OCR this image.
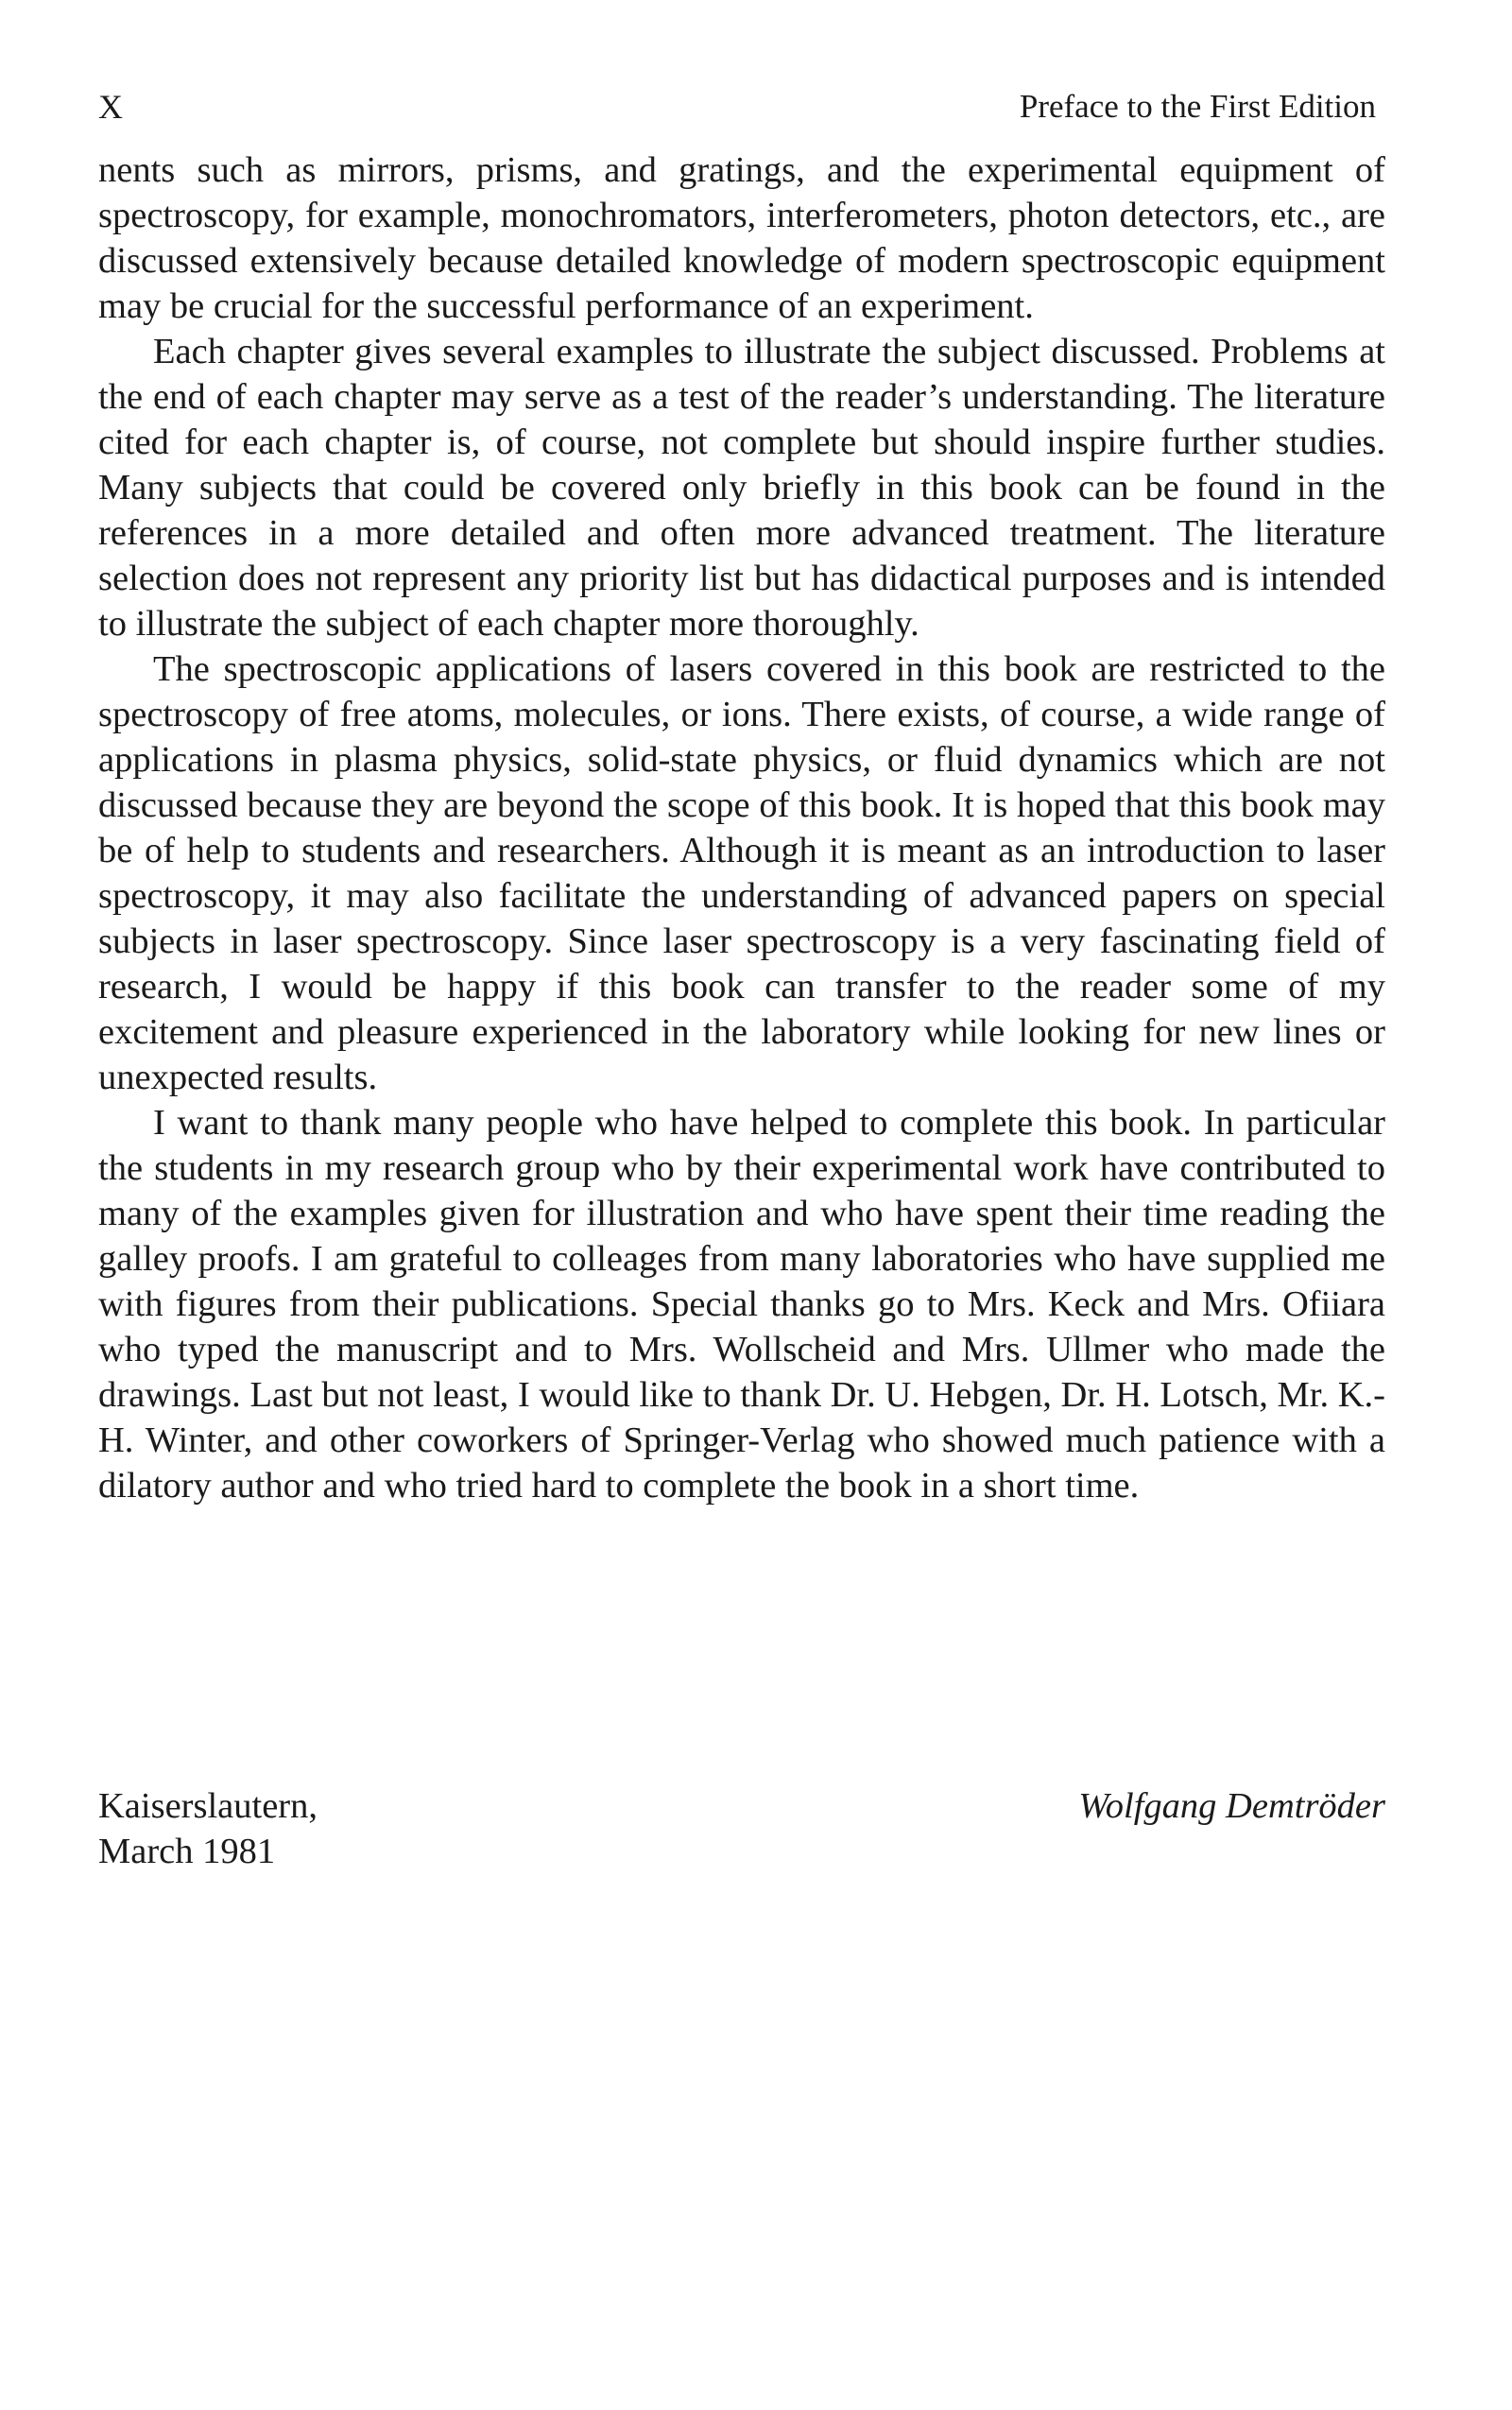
X	Preface to the First Edition

nents such as mirrors, prisms, and gratings, and the experimental equipment of spectroscopy, for example, monochromators, interferometers, photon detectors, etc., are discussed extensively because detailed knowledge of modern spectroscopic equipment may be crucial for the successful performance of an experiment.

Each chapter gives several examples to illustrate the subject discussed. Problems at the end of each chapter may serve as a test of the reader’s understanding. The literature cited for each chapter is, of course, not complete but should inspire further studies. Many subjects that could be covered only briefly in this book can be found in the references in a more detailed and often more advanced treatment. The literature selection does not represent any priority list but has didactical purposes and is intended to illustrate the subject of each chapter more thoroughly.

The spectroscopic applications of lasers covered in this book are restricted to the spectroscopy of free atoms, molecules, or ions. There exists, of course, a wide range of applications in plasma physics, solid-state physics, or fluid dynamics which are not discussed because they are beyond the scope of this book. It is hoped that this book may be of help to students and researchers. Although it is meant as an introduction to laser spectroscopy, it may also facilitate the understanding of advanced papers on special subjects in laser spectroscopy. Since laser spectroscopy is a very fascinating field of research, I would be happy if this book can transfer to the reader some of my excitement and pleasure experienced in the laboratory while looking for new lines or unexpected results.

I want to thank many people who have helped to complete this book. In particular the students in my research group who by their experimental work have contributed to many of the examples given for illustration and who have spent their time reading the galley proofs. I am grateful to colleages from many laboratories who have supplied me with figures from their publications. Special thanks go to Mrs. Keck and Mrs. Ofiiara who typed the manuscript and to Mrs. Wollscheid and Mrs. Ullmer who made the drawings. Last but not least, I would like to thank Dr. U. Hebgen, Dr. H. Lotsch, Mr. K.-H. Winter, and other coworkers of Springer-Verlag who showed much patience with a dilatory author and who tried hard to complete the book in a short time.

Kaiserslautern,
March 1981
Wolfgang Demtröder
